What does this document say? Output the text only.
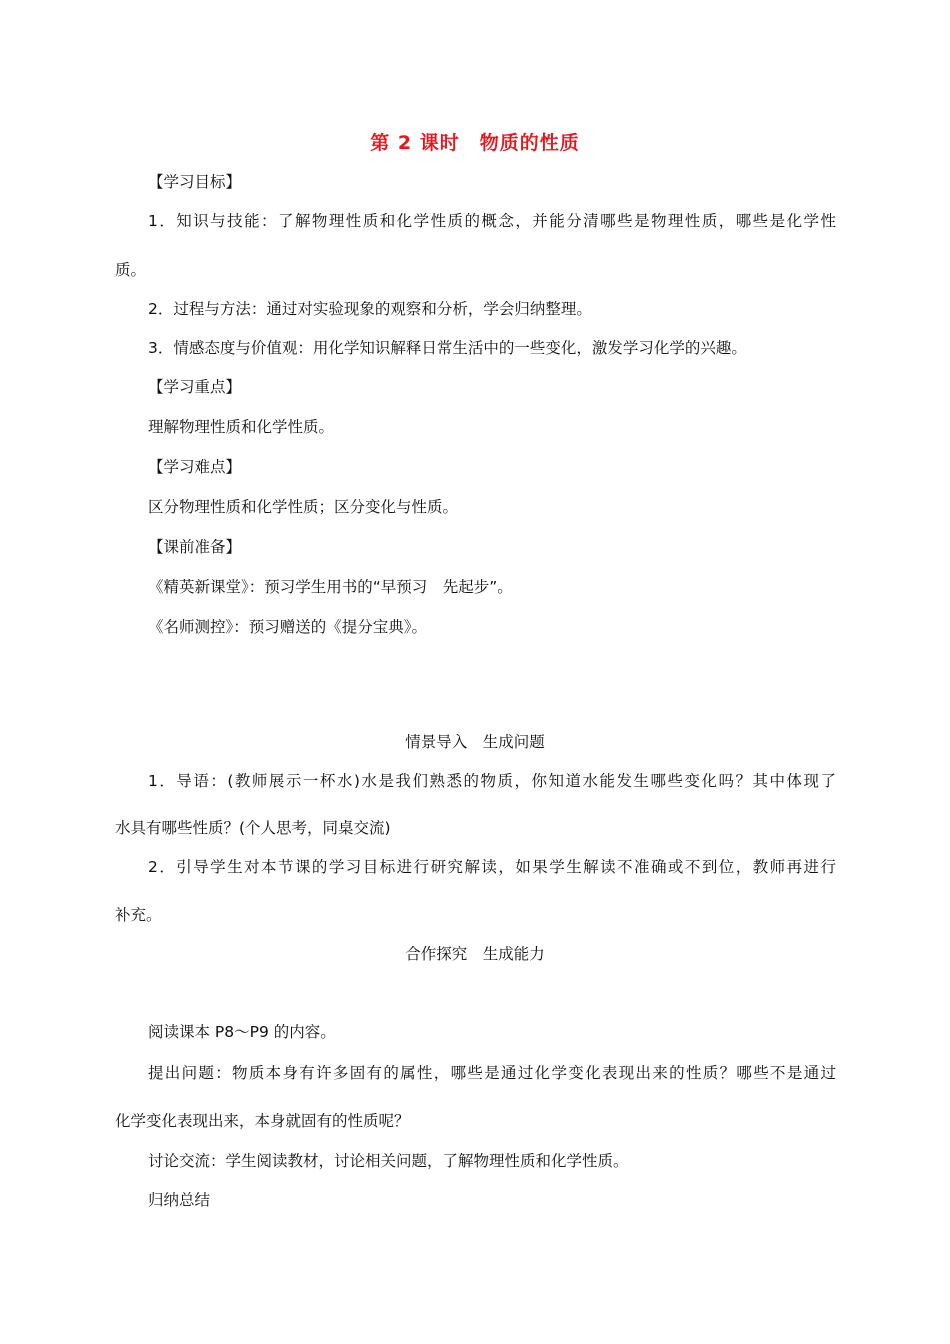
第 2 课时　物质的性质
【学习目标】
1．知识与技能：了解物理性质和化学性质的概念，并能分清哪些是物理性质，哪些是化学性
质。
2．过程与方法：通过对实验现象的观察和分析，学会归纳整理。
3．情感态度与价值观：用化学知识解释日常生活中的一些变化，激发学习化学的兴趣。
【学习重点】
理解物理性质和化学性质。
【学习难点】
区分物理性质和化学性质；区分变化与性质。
【课前准备】
《精英新课堂》：预习学生用书的“早预习　先起步”。
《名师测控》：预习赠送的《提分宝典》。
情景导入　生成问题
1．导语：(教师展示一杯水)水是我们熟悉的物质，你知道水能发生哪些变化吗？其中体现了
水具有哪些性质？(个人思考，同桌交流)
2．引导学生对本节课的学习目标进行研究解读，如果学生解读不准确或不到位，教师再进行
补充。
合作探究　生成能力
阅读课本 P8～P9 的内容。
提出问题：物质本身有许多固有的属性，哪些是通过化学变化表现出来的性质？哪些不是通过
化学变化表现出来，本身就固有的性质呢？
讨论交流：学生阅读教材，讨论相关问题，了解物理性质和化学性质。
归纳总结
